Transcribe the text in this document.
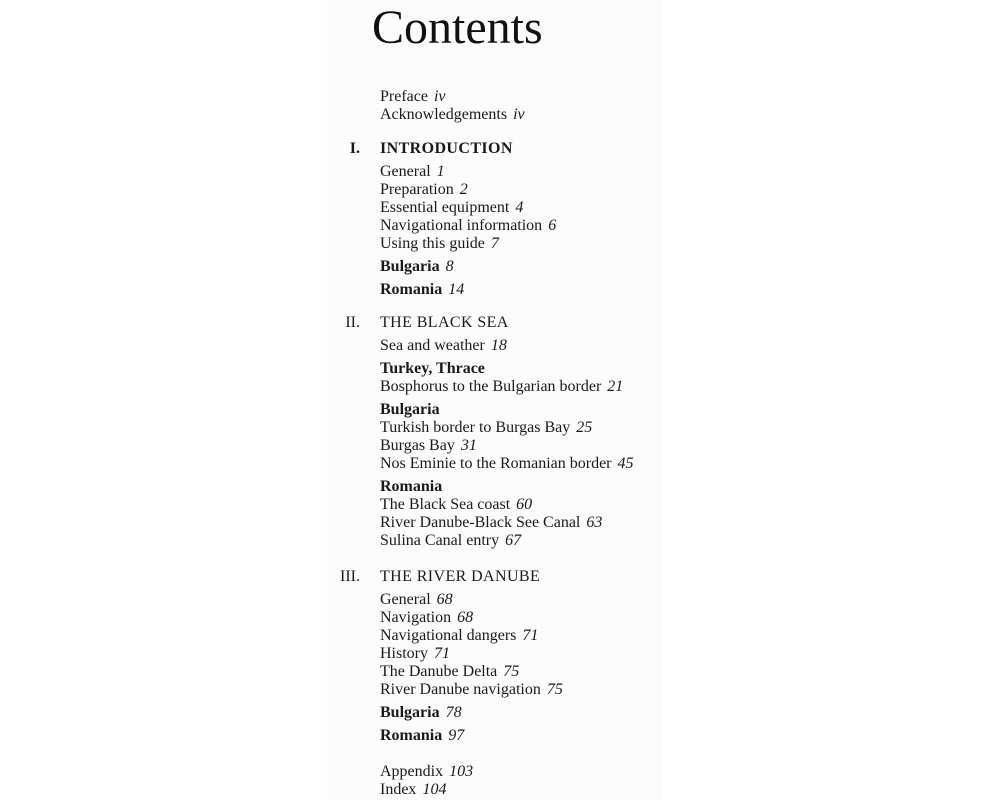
Contents
Preface iv
Acknowledgements iv
I. INTRODUCTION
General 1
Preparation 2
Essential equipment 4
Navigational information 6
Using this guide 7
Bulgaria 8
Romania 14
II. THE BLACK SEA
Sea and weather 18
Turkey, Thrace
Bosphorus to the Bulgarian border 21
Bulgaria
Turkish border to Burgas Bay 25
Burgas Bay 31
Nos Eminie to the Romanian border 45
Romania
The Black Sea coast 60
River Danube-Black See Canal 63
Sulina Canal entry 67
III. THE RIVER DANUBE
General 68
Navigation 68
Navigational dangers 71
History 71
The Danube Delta 75
River Danube navigation 75
Bulgaria 78
Romania 97
Appendix 103
Index 104
